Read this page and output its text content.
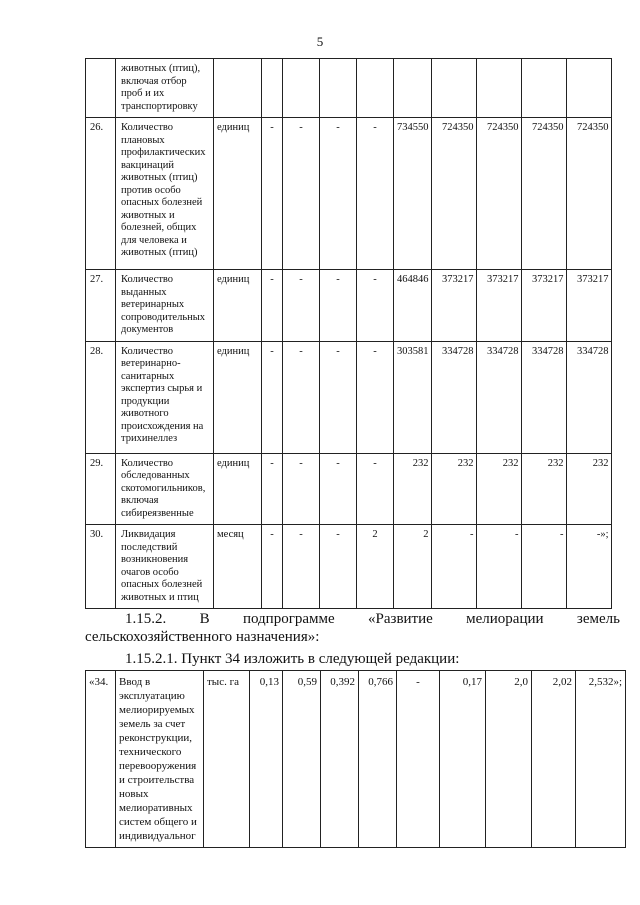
5
	животных (птиц), включая отбор проб и их транспортировку										
26.	Количество плановых профилактических вакцинаций животных (птиц) против особо опасных болезней животных и болезней, общих для человека и животных (птиц)	единиц	-	-	-	-	734550	724350	724350	724350	724350
27.	Количество выданных ветеринарных сопроводительных документов	единиц	-	-	-	-	464846	373217	373217	373217	373217
28.	Количество ветеринарно-санитарных экспертиз сырья и продукции животного происхождения на трихинеллез	единиц	-	-	-	-	303581	334728	334728	334728	334728
29.	Количество обследованных скотомогильников, включая сибиреязвенные	единиц	-	-	-	-	232	232	232	232	232
30.	Ликвидация последствий возникновения очагов особо опасных болезней животных и птиц	месяц	-	-	-	2	2	-	-	-	-»;
1.15.2. В подпрограмме «Развитие мелиорации земель
сельскохозяйственного назначения»:
1.15.2.1. Пункт 34 изложить в следующей редакции:
«34.	Ввод в эксплуатацию мелиорируемых земель за счет реконструкции, технического перевооружения и строительства новых мелиоративных систем общего и индивидуальног	тыс. га	0,13	0,59	0,392	0,766	-	0,17	2,0	2,02	2,532»;
